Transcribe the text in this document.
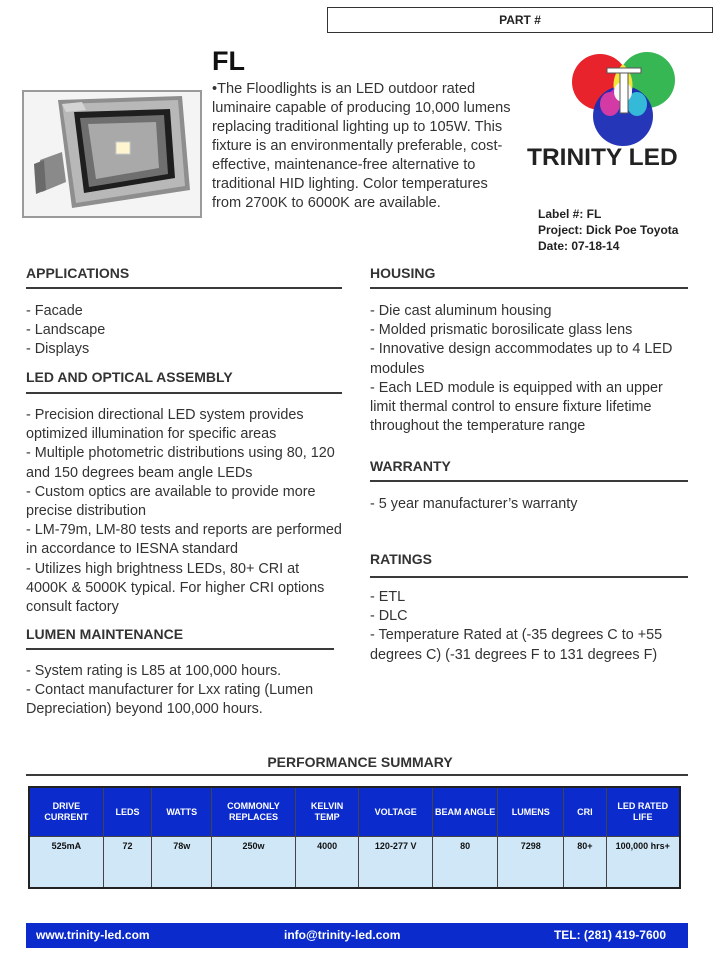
PART #
FL
•The Floodlights is an LED outdoor rated luminaire capable of producing 10,000 lumens replacing traditional lighting up to 105W. This fixture is an environmentally preferable, cost-effective, maintenance-free alternative to traditional HID lighting. Color temperatures from 2700K to 6000K are available.
TRINITY LED
Label #: FL
Project: Dick Poe Toyota
Date: 07-18-14
APPLICATIONS
- Facade
- Landscape
- Displays
LED AND OPTICAL ASSEMBLY
- Precision directional LED system provides optimized illumination for specific areas
- Multiple photometric distributions using 80, 120 and 150 degrees beam angle LEDs
- Custom optics are available to provide more precise distribution
- LM-79m, LM-80 tests and reports are performed in accordance to IESNA standard
- Utilizes high brightness LEDs, 80+ CRI at 4000K & 5000K typical. For higher CRI options consult factory
LUMEN MAINTENANCE
- System rating is L85 at 100,000 hours.
- Contact manufacturer for Lxx rating (Lumen Depreciation) beyond 100,000 hours.
HOUSING
- Die cast aluminum housing
- Molded prismatic borosilicate glass lens
- Innovative design accommodates up to 4 LED modules
- Each LED module is equipped with an upper limit thermal control to ensure fixture lifetime throughout the temperature range
WARRANTY
- 5 year manufacturer’s warranty
RATINGS
- ETL
- DLC
- Temperature Rated at (-35 degrees C to +55 degrees C) (-31 degrees F to 131 degrees F)
PERFORMANCE SUMMARY
DRIVE CURRENT	LEDS	WATTS	COMMONLY REPLACES	KELVIN TEMP	VOLTAGE	BEAM ANGLE	LUMENS	CRI	LED RATED LIFE
525mA	72	78w	250w	4000	120-277 V	80	7298	80+	100,000 hrs+
www.trinity-led.com	info@trinity-led.com	TEL: (281) 419-7600
